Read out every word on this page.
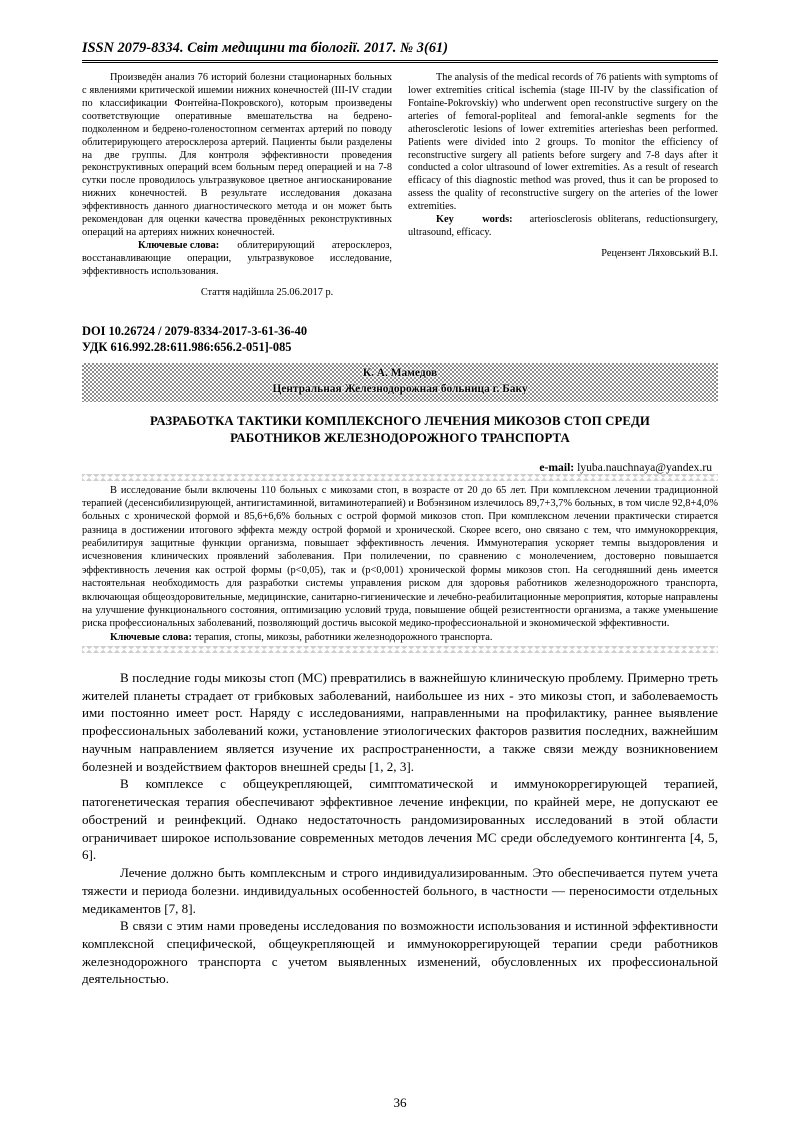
ISSN 2079-8334. Світ медицини та біології. 2017. № 3(61)

Произведён анализ 76 историй болезни стационарных больных с явлениями критической ишемии нижних конечностей (III-IV стадии по классификации Фонтейна-Покровского), которым произведены соответствующие оперативные вмешательства на бедрено-подколенном и бедрено-голеностопном сегментах артерий по поводу облитерирующего атеросклероза артерий. Пациенты были разделены на две группы. Для контроля эффективности проведения реконструктивных операций всем больным перед операцией и на 7-8 сутки после проводилось ультразвуковое цветное ангиосканирование нижних конечностей. В результате исследования доказана эффективность данного диагностического метода и он может быть рекомендован для оценки качества проведённых реконструктивных операций на артериях нижних конечностей.

Ключевые слова: облитерирующий атеросклероз, восстанавливающие операции, ультразвуковое исследование, эффективность использования.

Стаття надійшла 25.06.2017 р.

The analysis of the medical records of 76 patients with symptoms of lower extremities critical ischemia (stage III-IV by the classification of Fontaine-Pokrovskiy) who underwent open reconstructive surgery on the arteries of femoral-popliteal and femoral-ankle segments for the atherosclerotic lesions of lower extremities arterieshas been performed. Patients were divided into 2 groups. To monitor the efficiency of reconstructive surgery all patients before surgery and 7-8 days after it conducted a color ultrasound of lower extremities. As a result of research efficacy of this diagnostic method was proved, thus it can be proposed to assess the quality of reconstructive surgery on the arteries of the lower extremities.

Key	words: arteriosclerosis obliterans, reductionsurgery, ultrasound, efficacy.

Рецензент Ляховський В.І.
DOI 10.26724 / 2079-8334-2017-3-61-36-40
УДК 616.992.28:611.986:656.2-051]-085
К. А. Мамедов
Центральная Железнодорожная больница г. Баку
РАЗРАБОТКА ТАКТИКИ КОМПЛЕКСНОГО ЛЕЧЕНИЯ МИКОЗОВ СТОП СРЕДИ
РАБОТНИКОВ ЖЕЛЕЗНОДОРОЖНОГО ТРАНСПОРТА
e-mail: lyuba.nauchnaya@yandex.ru

В исследование были включены 110 больных с микозами стоп, в возрасте от 20 до 65 лет. При комплексном лечении традиционной терапией (десенсибилизирующей, антигистаминной, витаминотерапией) и Вобэнзином излечилось 89,7+3,7% больных, в том числе 92,8+4,0% больных с хронической формой и 85,6+6,6% больных с острой формой микозов стоп. При комплексном лечении практически стирается разница в достижении итогового эффекта между острой формой и хронической. Скорее всего, оно связано с тем, что иммунокоррекция, реабилитируя защитные функции организма, повышает эффективность лечения. Иммунотерапия ускоряет темпы выздоровления и исчезновения клинических проявлений заболевания. При полилечении, по сравнению с монолечением, достоверно повышается эффективность лечения как острой формы (p<0,05), так и (p<0,001) хронической формы микозов стоп. На сегодняшний день имеется настоятельная необходимость для разработки системы управления риском для здоровья работников железнодорожного транспорта, включающая общеоздоровительные, медицинские, санитарно-гигиенические и лечебно-реабилитационные мероприятия, которые направлены на улучшение функционального состояния, оптимизацию условий труда, повышение общей резистентности организма, а также уменьшение риска профессиональных заболеваний, позволяющий достичь высокой медико-профессиональной и экономической эффективности.

Ключевые слова: терапия, стопы, микозы, работники железнодорожного транспорта.

В последние годы микозы стоп (МС) превратились в важнейшую клиническую проблему. Примерно треть жителей планеты страдает от грибковых заболеваний, наибольшее из них - это микозы стоп, и заболеваемость ими постоянно имеет рост. Наряду с исследованиями, направленными на профилактику, раннее выявление профессиональных заболеваний кожи, установление этиологических факторов развития последних, важнейшим научным направлением является изучение их распространенности, а также связи между возникновением болезней и воздействием факторов внешней среды [1, 2, 3].

В комплексе с общеукрепляющей, симптоматической и иммунокоррегирующей терапией, патогенетическая терапия обеспечивают эффективное лечение инфекции, по крайней мере, не допускают ее обострений и реинфекций. Однако недостаточность рандомизированных исследований в этой области ограничивает широкое использование современных методов лечения МС среди обследуемого контингента [4, 5, 6].

Лечение должно быть комплексным и строго индивидуализированным. Это обеспечивается путем учета тяжести и периода болезни. индивидуальных особенностей больного, в частности — переносимости отдельных медикаментов [7, 8].

В связи с этим нами проведены исследования по возможности использования и истинной эффективности комплексной специфической, общеукрепляющей и иммунокоррегирующей терапии среди работников железнодорожного транспорта с учетом выявленных изменений, обусловленных их профессиональной деятельностью.

36
